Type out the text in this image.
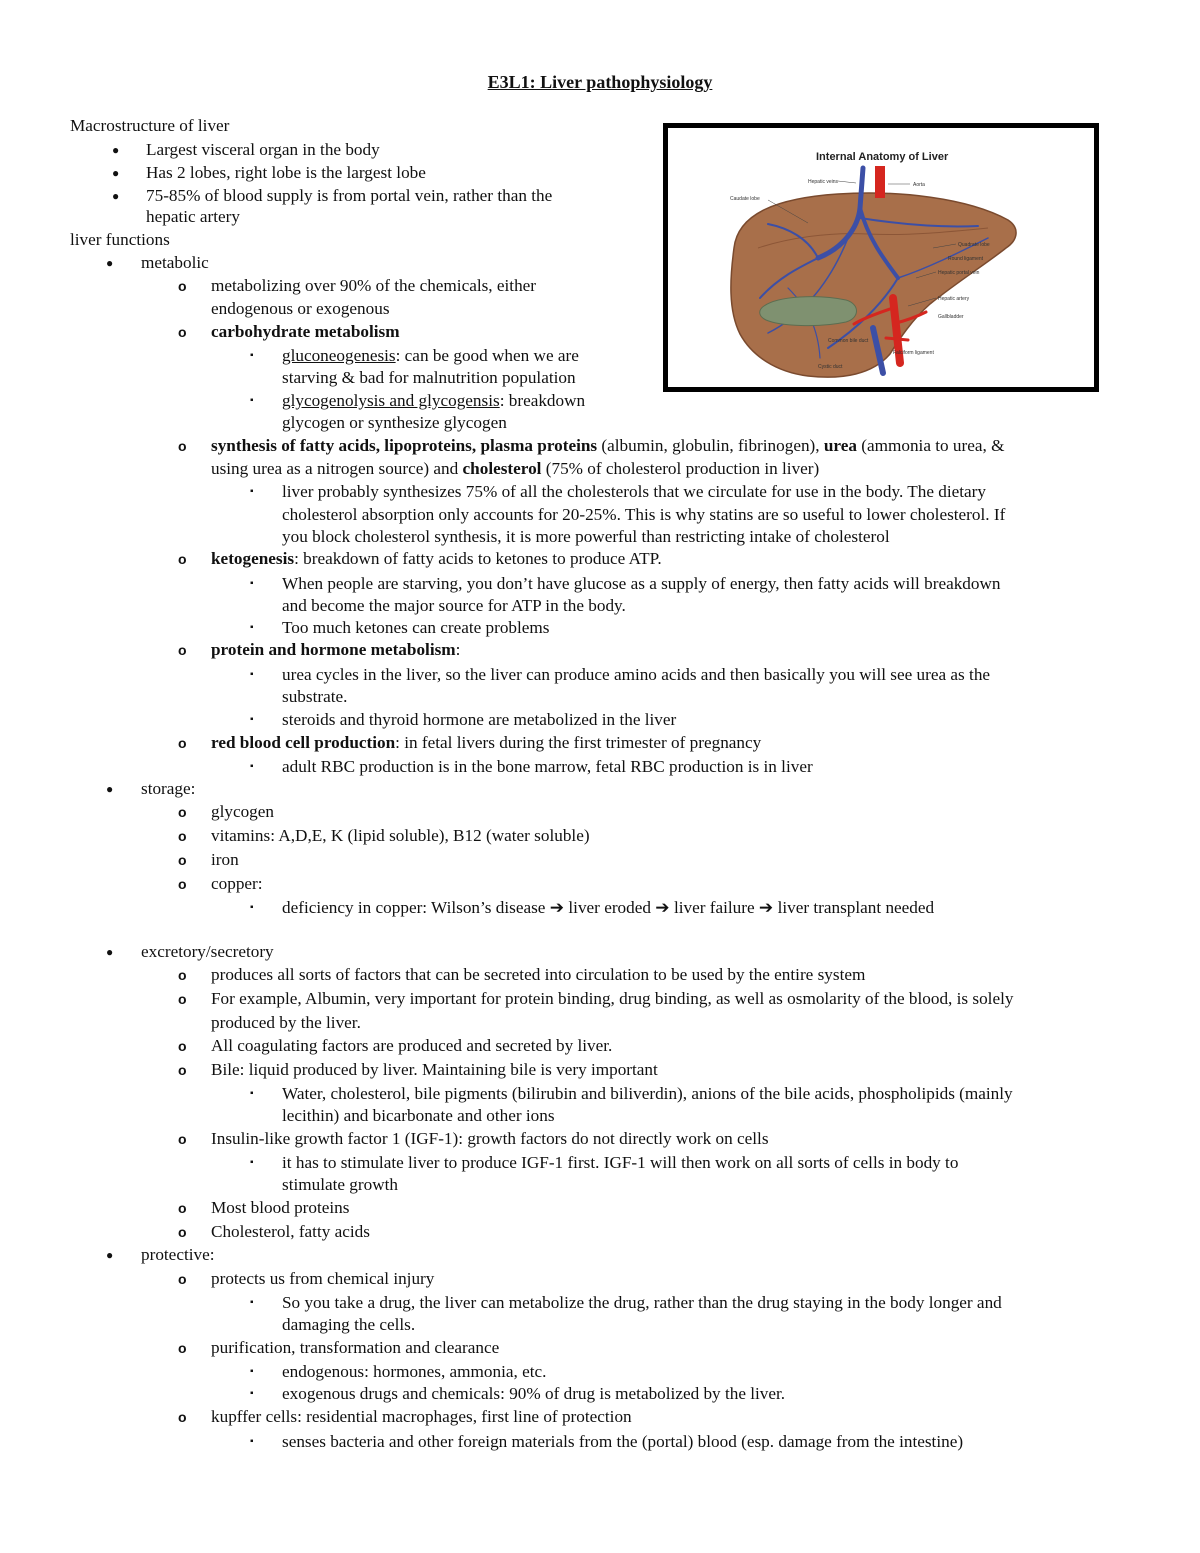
E3L1: Liver pathophysiology
Macrostructure of liver
● Largest visceral organ in the body
● Has 2 lobes, right lobe is the largest lobe
● 75-85% of blood supply is from portal vein, rather than the
hepatic artery
liver functions
● metabolic
o metabolizing over 90% of the chemicals, either
endogenous or exogenous
o carbohydrate metabolism
▪ gluconeogenesis: can be good when we are
starving & bad for malnutrition population
▪ glycogenolysis and glycogensis: breakdown
glycogen or synthesize glycogen
o synthesis of fatty acids, lipoproteins, plasma proteins (albumin, globulin, fibrinogen), urea (ammonia to urea, &
using urea as a nitrogen source) and cholesterol (75% of cholesterol production in liver)
▪ liver probably synthesizes 75% of all the cholesterols that we circulate for use in the body. The dietary
cholesterol absorption only accounts for 20-25%. This is why statins are so useful to lower cholesterol. If
you block cholesterol synthesis, it is more powerful than restricting intake of cholesterol
o ketogenesis: breakdown of fatty acids to ketones to produce ATP.
▪ When people are starving, you don’t have glucose as a supply of energy, then fatty acids will breakdown
and become the major source for ATP in the body.
▪ Too much ketones can create problems
o protein and hormone metabolism:
▪ urea cycles in the liver, so the liver can produce amino acids and then basically you will see urea as the
substrate.
▪ steroids and thyroid hormone are metabolized in the liver
o red blood cell production: in fetal livers during the first trimester of pregnancy
▪ adult RBC production is in the bone marrow, fetal RBC production is in liver
● storage:
o glycogen
o vitamins: A,D,E, K (lipid soluble), B12 (water soluble)
o iron
o copper:
▪ deficiency in copper: Wilson’s disease ➔ liver eroded ➔ liver failure ➔ liver transplant needed
● excretory/secretory
o produces all sorts of factors that can be secreted into circulation to be used by the entire system
o For example, Albumin, very important for protein binding, drug binding, as well as osmolarity of the blood, is solely
produced by the liver.
o All coagulating factors are produced and secreted by liver.
o Bile: liquid produced by liver. Maintaining bile is very important
▪ Water, cholesterol, bile pigments (bilirubin and biliverdin), anions of the bile acids, phospholipids (mainly
lecithin) and bicarbonate and other ions
o Insulin-like growth factor 1 (IGF-1): growth factors do not directly work on cells
▪ it has to stimulate liver to produce IGF-1 first. IGF-1 will then work on all sorts of cells in body to
stimulate growth
o Most blood proteins
o Cholesterol, fatty acids
● protective:
o protects us from chemical injury
▪ So you take a drug, the liver can metabolize the drug, rather than the drug staying in the body longer and
damaging the cells.
o purification, transformation and clearance
▪ endogenous: hormones, ammonia, etc.
▪ exogenous drugs and chemicals: 90% of drug is metabolized by the liver.
o kupffer cells: residential macrophages, first line of protection
▪ senses bacteria and other foreign materials from the (portal) blood (esp. damage from the intestine)
Internal Anatomy of Liver
Hepatic veins	Aorta
Caudate lobe
Quadrate lobe
Round ligament
Hepatic portal vein
Hepatic artery
Gallbladder
Common bile duct
Falciform ligament
Cystic duct
